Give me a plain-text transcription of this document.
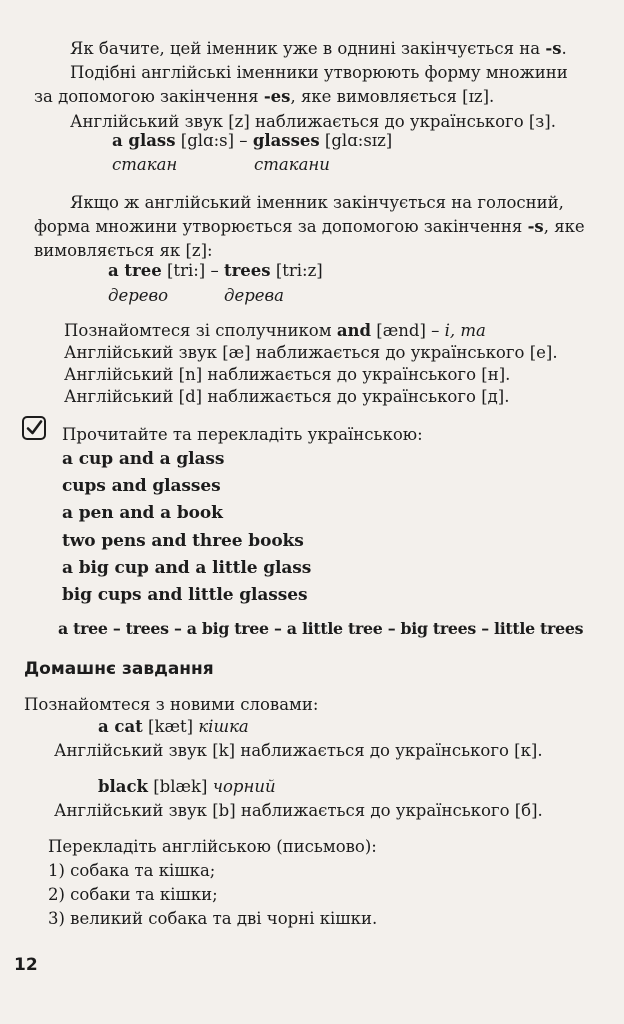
Як бачите, цей іменник уже в однині закінчується на -s.
Подібні англійські іменники утворюють форму множини
за допомогою закінчення -es, яке вимовляється [ɪz].
Англійський звук [z] наближається до українського [з].
a glass [glɑ:s] – glasses [glɑ:sɪz]
стакан	стакани
Якщо ж англійський іменник закінчується на голосний,
форма множини утворюється за допомогою закінчення -s, яке
вимовляється як [z]:
a tree [tri:] – trees [tri:z]
дерево	дерева
Познайомтеся зі сполучником and [ænd] – і, та
Англійський звук [æ] наближається до українського [е].
Англійський [n] наближається до українського [н].
Англійський [d] наближається до українського [д].
Прочитайте та перекладіть українською:
a cup and a glass
cups and glasses
a pen and a book
two pens and three books
a big cup and a little glass
big cups and little glasses
a tree – trees – a big tree – a little tree – big trees – little trees
Домашнє завдання
Познайомтеся з новими словами:
a cat [kæt] кішка
Англійський звук [k] наближається до українського [к].
black [blæk] чорний
Англійський звук [b] наближається до українського [б].
Перекладіть англійською (письмово):
1) собака та кішка;
2) собаки та кішки;
3) великий собака та дві чорні кішки.
12
